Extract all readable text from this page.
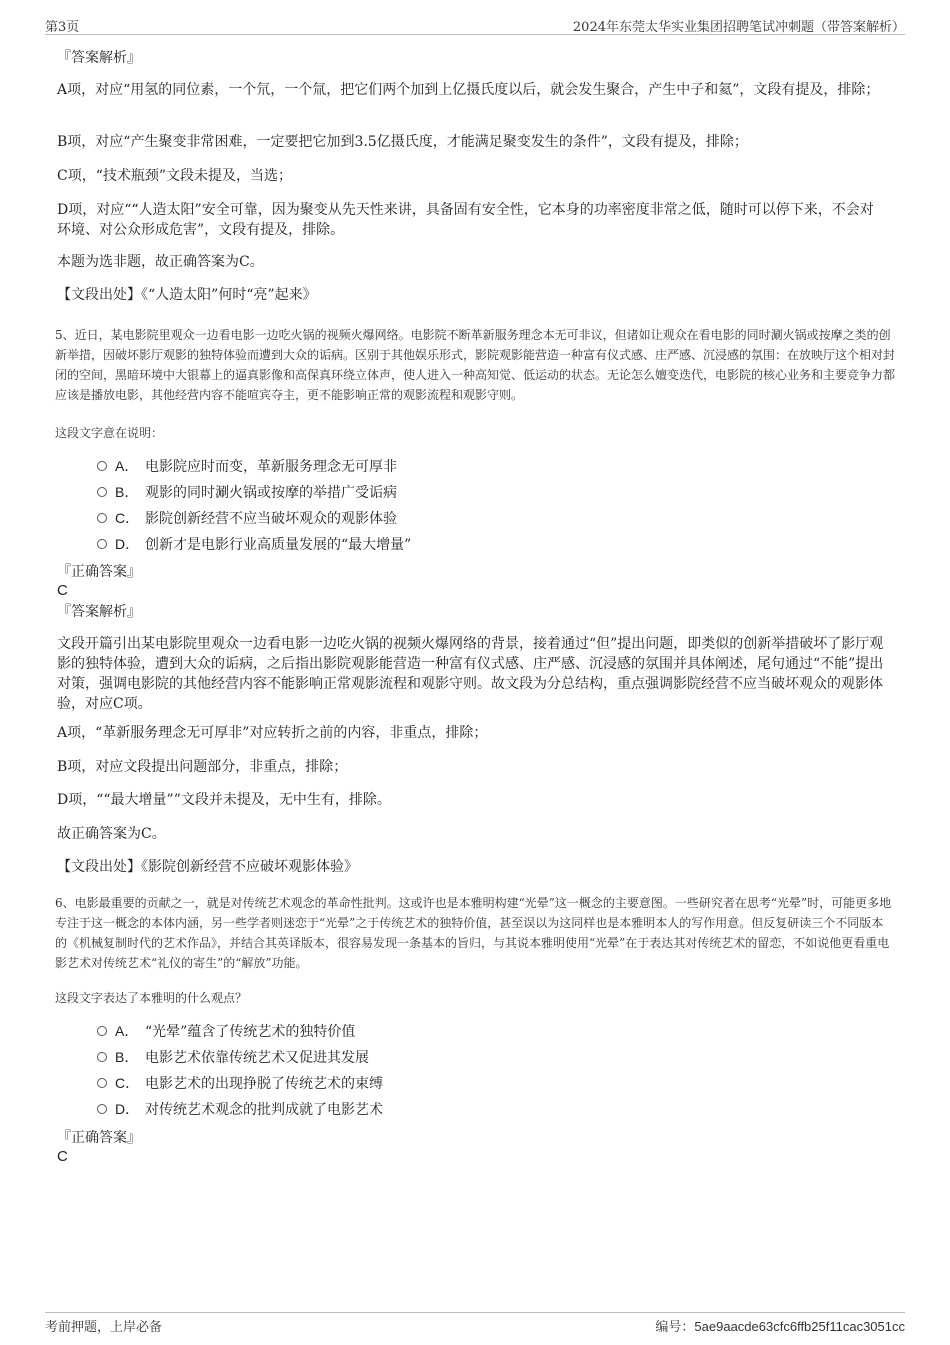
第3页	2024年东莞太华实业集团招聘笔试冲刺题（带答案解析）
『答案解析』
A项，对应“用氢的同位素，一个氘，一个氚，把它们两个加到上亿摄氏度以后，就会发生聚合，产生中子和氦”，文段有提及，排除；
B项，对应“产生聚变非常困难，一定要把它加到3.5亿摄氏度，才能满足聚变发生的条件”，文段有提及，排除；
C项，“技术瓶颈”文段未提及，当选；
D项，对应““人造太阳”安全可靠，因为聚变从先天性来讲，具备固有安全性，它本身的功率密度非常之低，随时可以停下来，不会对环境、对公众形成危害”，文段有提及，排除。
本题为选非题，故正确答案为C。
【文段出处】《“人造太阳”何时“亮”起来》
5、近日，某电影院里观众一边看电影一边吃火锅的视频火爆网络。电影院不断革新服务理念本无可非议，但诸如让观众在看电影的同时涮火锅或按摩之类的创新举措，因破坏影厅观影的独特体验而遭到大众的诟病。区别于其他娱乐形式，影院观影能营造一种富有仪式感、庄严感、沉浸感的氛围：在放映厅这个相对封闭的空间，黑暗环境中大银幕上的逼真影像和高保真环绕立体声，使人进入一种高知觉、低运动的状态。无论怎么嬗变迭代，电影院的核心业务和主要竞争力都应该是播放电影，其他经营内容不能喧宾夺主，更不能影响正常的观影流程和观影守则。
这段文字意在说明：
A． 电影院应时而变，革新服务理念无可厚非
B． 观影的同时涮火锅或按摩的举措广受诟病
C． 影院创新经营不应当破坏观众的观影体验
D． 创新才是电影行业高质量发展的“最大增量”
『正确答案』
C
『答案解析』
文段开篇引出某电影院里观众一边看电影一边吃火锅的视频火爆网络的背景，接着通过“但”提出问题，即类似的创新举措破坏了影厅观影的独特体验，遭到大众的诟病，之后指出影院观影能营造一种富有仪式感、庄严感、沉浸感的氛围并具体阐述，尾句通过“不能”提出对策，强调电影院的其他经营内容不能影响正常观影流程和观影守则。故文段为分总结构，重点强调影院经营不应当破坏观众的观影体验，对应C项。
A项，“革新服务理念无可厚非”对应转折之前的内容，非重点，排除；
B项，对应文段提出问题部分，非重点，排除；
D项，““最大增量””文段并未提及，无中生有，排除。
故正确答案为C。
【文段出处】《影院创新经营不应破坏观影体验》
6、电影最重要的贡献之一，就是对传统艺术观念的革命性批判。这或许也是本雅明构建“光晕”这一概念的主要意图。一些研究者在思考“光晕”时，可能更多地专注于这一概念的本体内涵，另一些学者则迷恋于“光晕”之于传统艺术的独特价值，甚至误以为这同样也是本雅明本人的写作用意。但反复研读三个不同版本的《机械复制时代的艺术作品》，并结合其英译版本，很容易发现一条基本的旨归，与其说本雅明使用“光晕”在于表达其对传统艺术的留恋，不如说他更看重电影艺术对传统艺术“礼仪的寄生”的“解放”功能。
这段文字表达了本雅明的什么观点？
A． “光晕”蕴含了传统艺术的独特价值
B． 电影艺术依靠传统艺术又促进其发展
C． 电影艺术的出现挣脱了传统艺术的束缚
D． 对传统艺术观念的批判成就了电影艺术
『正确答案』
C
考前押题，上岸必备	编号：5ae9aacde63cfc6ffb25f11cac3051cc
